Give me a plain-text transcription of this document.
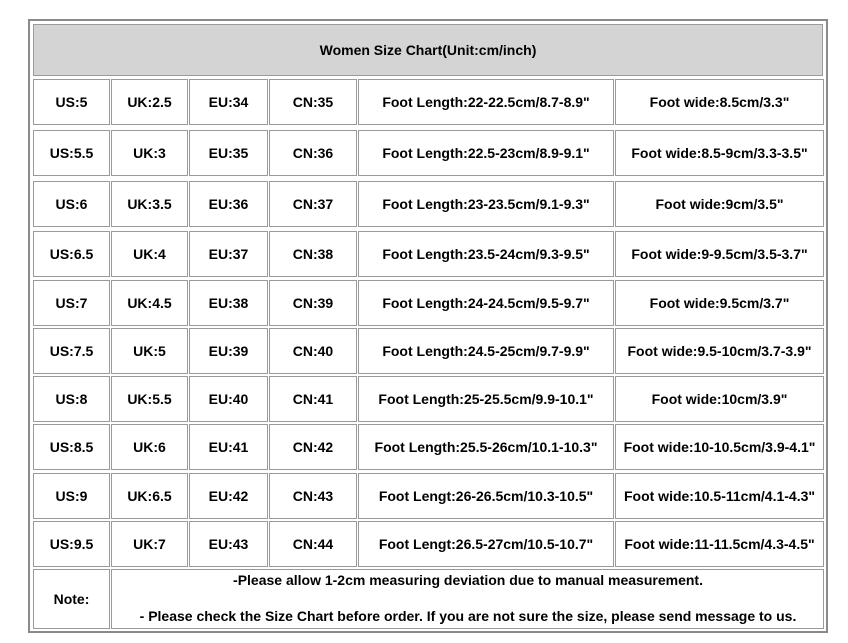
Women Size Chart(Unit:cm/inch)
US:5	UK:2.5	EU:34	CN:35	Foot Length:22-22.5cm/8.7-8.9"	Foot wide:8.5cm/3.3"
US:5.5	UK:3	EU:35	CN:36	Foot Length:22.5-23cm/8.9-9.1"	Foot wide:8.5-9cm/3.3-3.5"
US:6	UK:3.5	EU:36	CN:37	Foot Length:23-23.5cm/9.1-9.3"	Foot wide:9cm/3.5"
US:6.5	UK:4	EU:37	CN:38	Foot Length:23.5-24cm/9.3-9.5"	Foot wide:9-9.5cm/3.5-3.7"
US:7	UK:4.5	EU:38	CN:39	Foot Length:24-24.5cm/9.5-9.7"	Foot wide:9.5cm/3.7"
US:7.5	UK:5	EU:39	CN:40	Foot Length:24.5-25cm/9.7-9.9"	Foot wide:9.5-10cm/3.7-3.9"
US:8	UK:5.5	EU:40	CN:41	Foot Length:25-25.5cm/9.9-10.1"	Foot wide:10cm/3.9"
US:8.5	UK:6	EU:41	CN:42	Foot Length:25.5-26cm/10.1-10.3"	Foot wide:10-10.5cm/3.9-4.1"
US:9	UK:6.5	EU:42	CN:43	Foot Lengt:26-26.5cm/10.3-10.5"	Foot wide:10.5-11cm/4.1-4.3"
US:9.5	UK:7	EU:43	CN:44	Foot Lengt:26.5-27cm/10.5-10.7"	Foot wide:11-11.5cm/4.3-4.5"
Note:
-Please allow 1-2cm measuring deviation due to manual measurement.
- Please check the Size Chart before order. If you are not sure the size, please send message to us.
